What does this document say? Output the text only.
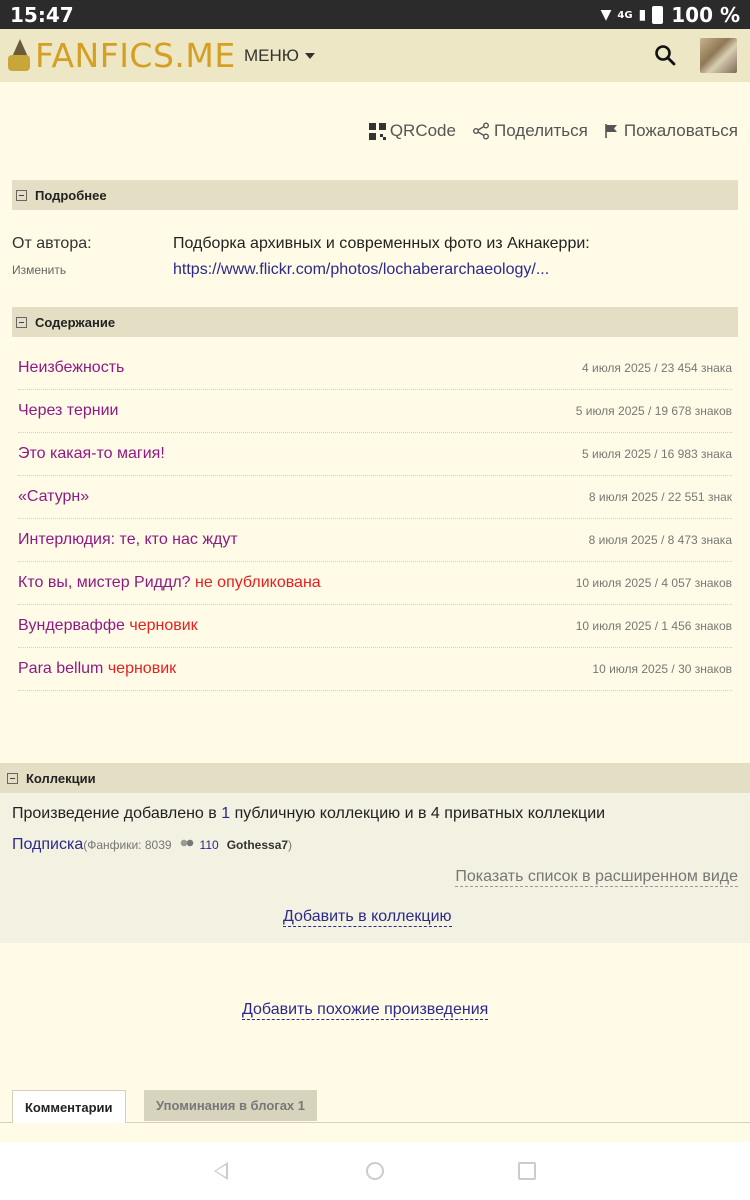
15:47	▼ 4G ▮ 100 %
FANFICS.ME МЕНЮ
QRCode Поделиться Пожаловаться
Подробнее
От автора:
Изменить
Подборка архивных и современных фото из Акнакерри:
https://www.flickr.com/photos/lochaberarchaeology/...
Содержание
Неизбежность	4 июля 2025 / 23 454 знака
Через тернии	5 июля 2025 / 19 678 знаков
Это какая-то магия!	5 июля 2025 / 16 983 знака
«Сатурн»	8 июля 2025 / 22 551 знак
Интерлюдия: те, кто нас ждут	8 июля 2025 / 8 473 знака
Кто вы, мистер Риддл? не опубликована	10 июля 2025 / 4 057 знаков
Вундерваффе черновик	10 июля 2025 / 1 456 знаков
Para bellum черновик	10 июля 2025 / 30 знаков
Коллекции
Произведение добавлено в 1 публичную коллекцию и в 4 приватных коллекции
Подписка (Фанфики: 8039 110 Gothessa7 )
Показать список в расширенном виде
Добавить в коллекцию
Добавить похожие произведения
Комментарии	Упоминания в блогах 1
